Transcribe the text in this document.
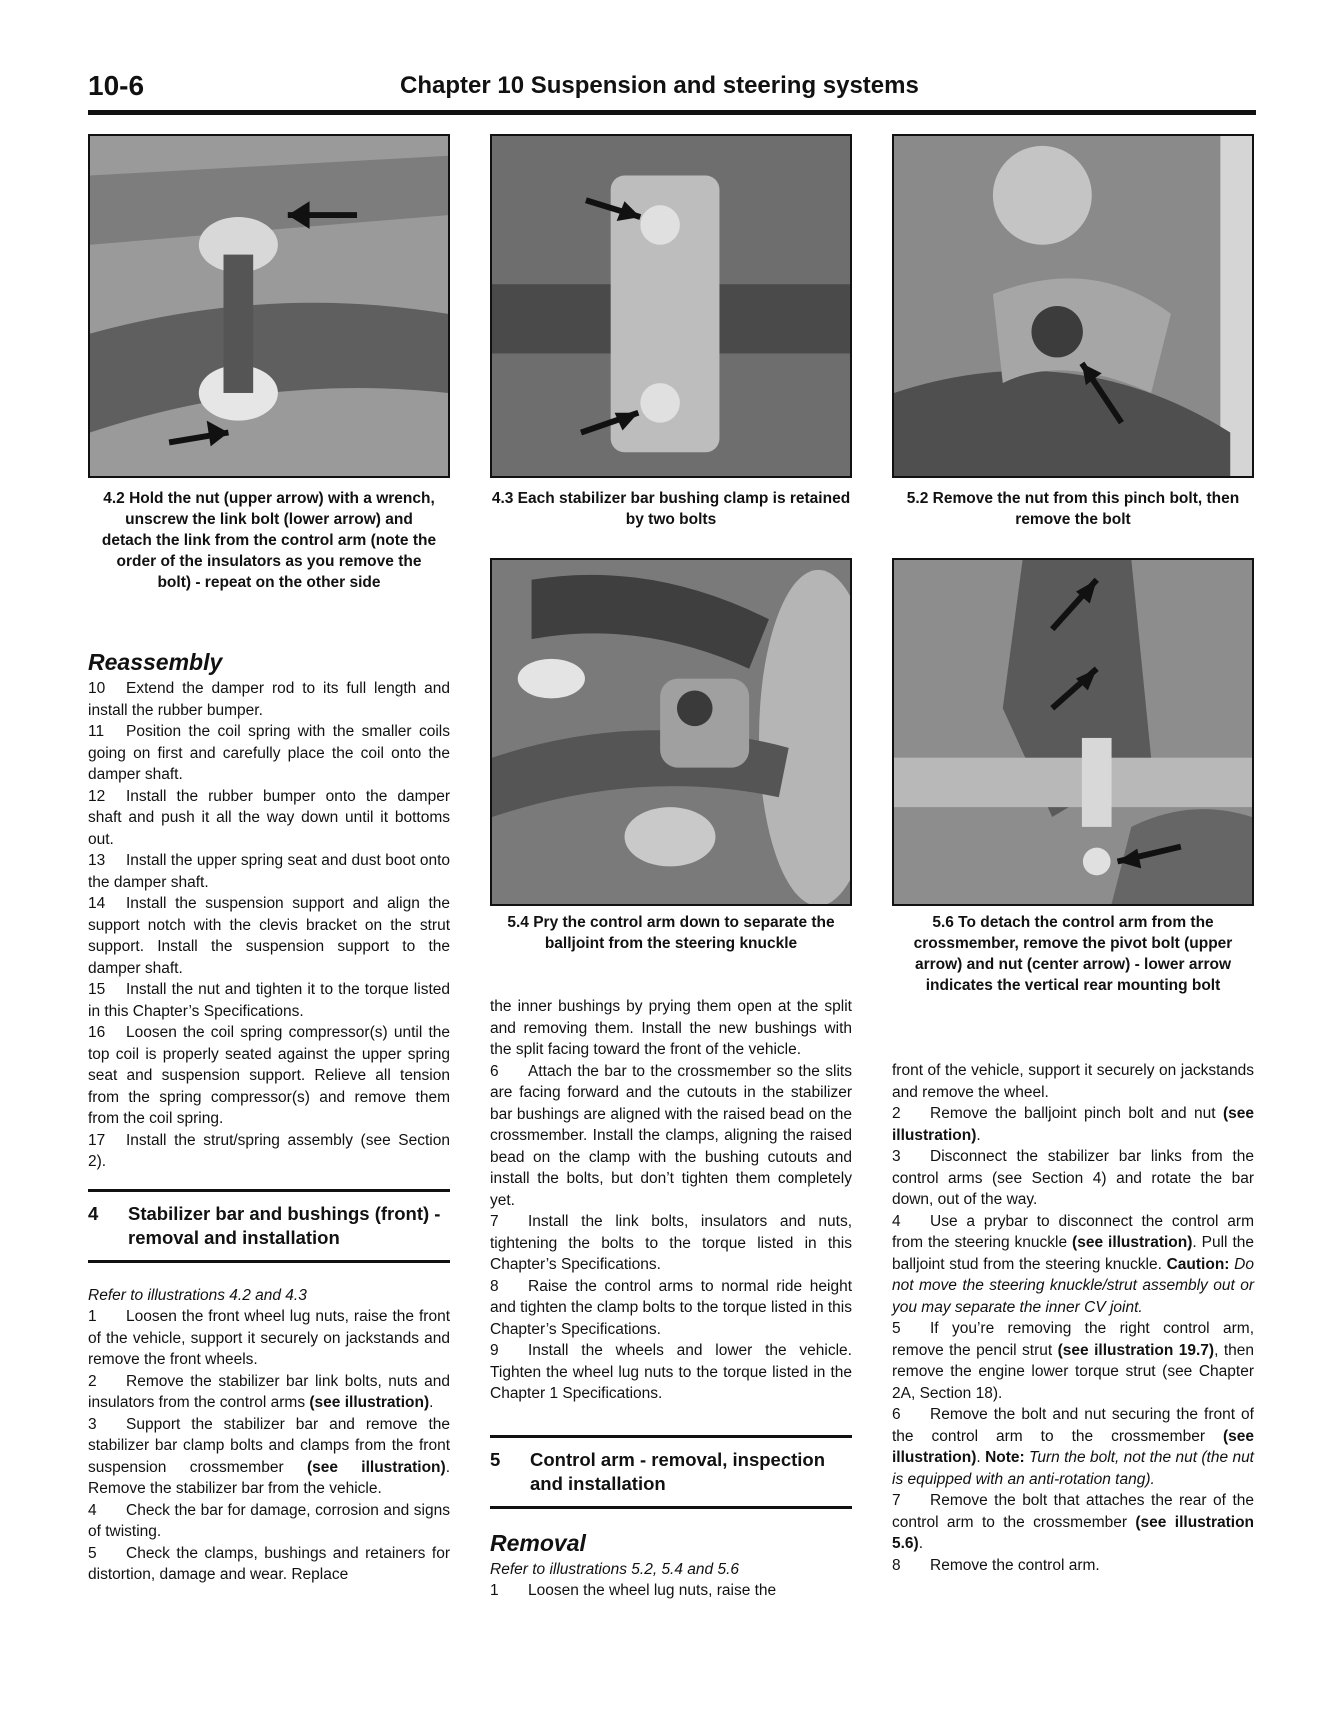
10-6	Chapter 10 Suspension and steering systems
4.2 Hold the nut (upper arrow) with a wrench, unscrew the link bolt (lower arrow) and detach the link from the control arm (note the order of the insulators as you remove the bolt) - repeat on the other side
4.3 Each stabilizer bar bushing clamp is retained by two bolts
5.2 Remove the nut from this pinch bolt, then remove the bolt
5.4 Pry the control arm down to separate the balljoint from the steering knuckle
5.6 To detach the control arm from the crossmember, remove the pivot bolt (upper arrow) and nut (center arrow) - lower arrow indicates the vertical rear mounting bolt
Reassembly

10 Extend the damper rod to its full length and install the rubber bumper.

11 Position the coil spring with the smaller coils going on first and carefully place the coil onto the damper shaft.

12 Install the rubber bumper onto the damper shaft and push it all the way down until it bottoms out.

13 Install the upper spring seat and dust boot onto the damper shaft.

14 Install the suspension support and align the support notch with the clevis bracket on the strut support. Install the suspension support to the damper shaft.

15 Install the nut and tighten it to the torque listed in this Chapter’s Specifications.

16 Loosen the coil spring compressor(s) until the top coil is properly seated against the upper spring seat and suspension support. Relieve all tension from the spring compressor(s) and remove them from the coil spring.

17 Install the strut/spring assembly (see Section 2).

4	Stabilizer bar and bushings (front) - removal and installation

Refer to illustrations 4.2 and 4.3

1 Loosen the front wheel lug nuts, raise the front of the vehicle, support it securely on jackstands and remove the front wheels.

2 Remove the stabilizer bar link bolts, nuts and insulators from the control arms (see illustration).

3 Support the stabilizer bar and remove the stabilizer bar clamp bolts and clamps from the front suspension crossmember (see illustration). Remove the stabilizer bar from the vehicle.

4 Check the bar for damage, corrosion and signs of twisting.

5 Check the clamps, bushings and retainers for distortion, damage and wear. Replace

the inner bushings by prying them open at the split and removing them. Install the new bushings with the split facing toward the front of the vehicle.

6 Attach the bar to the crossmember so the slits are facing forward and the cutouts in the stabilizer bar bushings are aligned with the raised bead on the crossmember. Install the clamps, aligning the raised bead on the clamp with the bushing cutouts and install the bolts, but don’t tighten them completely yet.

7 Install the link bolts, insulators and nuts, tightening the bolts to the torque listed in this Chapter’s Specifications.

8 Raise the control arms to normal ride height and tighten the clamp bolts to the torque listed in this Chapter’s Specifications.

9 Install the wheels and lower the vehicle. Tighten the wheel lug nuts to the torque listed in the Chapter 1 Specifications.

5	Control arm - removal, inspection and installation
Removal

Refer to illustrations 5.2, 5.4 and 5.6

1 Loosen the wheel lug nuts, raise the

front of the vehicle, support it securely on jackstands and remove the wheel.

2 Remove the balljoint pinch bolt and nut (see illustration).

3 Disconnect the stabilizer bar links from the control arms (see Section 4) and rotate the bar down, out of the way.

4 Use a prybar to disconnect the control arm from the steering knuckle (see illustration). Pull the balljoint stud from the steering knuckle. Caution: Do not move the steering knuckle/strut assembly out or you may separate the inner CV joint.

5 If you’re removing the right control arm, remove the pencil strut (see illustration 19.7), then remove the engine lower torque strut (see Chapter 2A, Section 18).

6 Remove the bolt and nut securing the front of the control arm to the crossmember (see illustration). Note: Turn the bolt, not the nut (the nut is equipped with an anti-rotation tang).

7 Remove the bolt that attaches the rear of the control arm to the crossmember (see illustration 5.6).

8 Remove the control arm.
